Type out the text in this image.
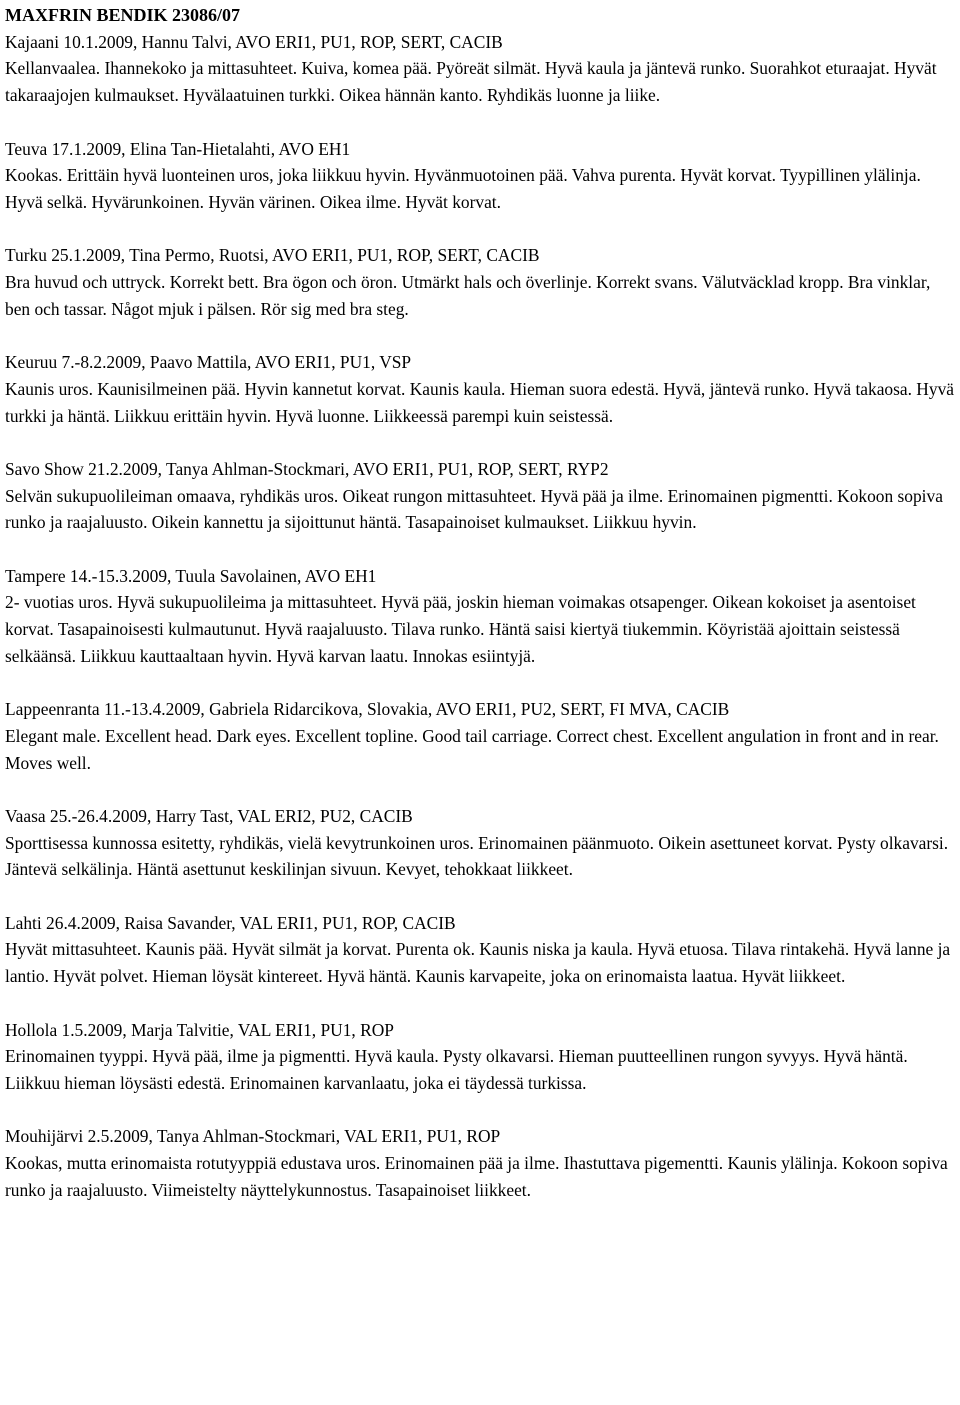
MAXFRIN BENDIK 23086/07

Kajaani 10.1.2009, Hannu Talvi, AVO ERI1, PU1, ROP, SERT, CACIB

Kellanvaalea. Ihannekoko ja mittasuhteet. Kuiva, komea pää. Pyöreät silmät. Hyvä kaula ja jäntevä runko. Suorahkot eturaajat. Hyvät takaraajojen kulmaukset. Hyvälaatuinen turkki. Oikea hännän kanto. Ryhdikäs luonne ja liike.

Teuva 17.1.2009, Elina Tan-Hietalahti, AVO EH1

Kookas. Erittäin hyvä luonteinen uros, joka liikkuu hyvin. Hyvänmuotoinen pää. Vahva purenta. Hyvät korvat. Tyypillinen ylälinja. Hyvä selkä. Hyvärunkoinen. Hyvän värinen. Oikea ilme. Hyvät korvat.

Turku 25.1.2009, Tina Permo, Ruotsi, AVO ERI1, PU1, ROP, SERT, CACIB

Bra huvud och uttryck. Korrekt bett. Bra ögon och öron. Utmärkt hals och överlinje. Korrekt svans. Välutväcklad kropp. Bra vinklar, ben och tassar. Något mjuk i pälsen. Rör sig med bra steg.

Keuruu 7.-8.2.2009, Paavo Mattila, AVO ERI1, PU1, VSP

Kaunis uros. Kaunisilmeinen pää. Hyvin kannetut korvat. Kaunis kaula. Hieman suora edestä. Hyvä, jäntevä runko. Hyvä takaosa. Hyvä turkki ja häntä. Liikkuu erittäin hyvin. Hyvä luonne. Liikkeessä parempi kuin seistessä.

Savo Show 21.2.2009, Tanya Ahlman-Stockmari, AVO ERI1, PU1, ROP, SERT, RYP2

Selvän sukupuolileiman omaava, ryhdikäs uros. Oikeat rungon mittasuhteet. Hyvä pää ja ilme. Erinomainen pigmentti. Kokoon sopiva runko ja raajaluusto. Oikein kannettu ja sijoittunut häntä. Tasapainoiset kulmaukset. Liikkuu hyvin.

Tampere 14.-15.3.2009, Tuula Savolainen, AVO EH1

2- vuotias uros. Hyvä sukupuolileima ja mittasuhteet. Hyvä pää, joskin hieman voimakas otsapenger. Oikean kokoiset ja asentoiset korvat. Tasapainoisesti kulmautunut. Hyvä raajaluusto. Tilava runko. Häntä saisi kiertyä tiukemmin. Köyristää ajoittain seistessä selkäänsä. Liikkuu kauttaaltaan hyvin. Hyvä karvan laatu. Innokas esiintyjä.

Lappeenranta 11.-13.4.2009, Gabriela Ridarcikova, Slovakia, AVO ERI1, PU2, SERT, FI MVA, CACIB

Elegant male. Excellent head. Dark eyes. Excellent topline. Good tail carriage. Correct chest. Excellent angulation in front and in rear. Moves well.

Vaasa 25.-26.4.2009, Harry Tast, VAL ERI2, PU2, CACIB

Sporttisessa kunnossa esitetty, ryhdikäs, vielä kevytrunkoinen uros. Erinomainen päänmuoto. Oikein asettuneet korvat. Pysty olkavarsi. Jäntevä selkälinja. Häntä asettunut keskilinjan sivuun. Kevyet, tehokkaat liikkeet.

Lahti 26.4.2009, Raisa Savander, VAL ERI1, PU1, ROP, CACIB

Hyvät mittasuhteet. Kaunis pää. Hyvät silmät ja korvat. Purenta ok. Kaunis niska ja kaula. Hyvä etuosa. Tilava rintakehä. Hyvä lanne ja lantio. Hyvät polvet. Hieman löysät kintereet. Hyvä häntä. Kaunis karvapeite, joka on erinomaista laatua. Hyvät liikkeet.

Hollola 1.5.2009, Marja Talvitie, VAL ERI1, PU1, ROP

Erinomainen tyyppi. Hyvä pää, ilme ja pigmentti. Hyvä kaula. Pysty olkavarsi. Hieman puutteellinen rungon syvyys. Hyvä häntä. Liikkuu hieman löysästi edestä. Erinomainen karvanlaatu, joka ei täydessä turkissa.

Mouhijärvi 2.5.2009, Tanya Ahlman-Stockmari, VAL ERI1, PU1, ROP

Kookas, mutta erinomaista rotutyyppiä edustava uros. Erinomainen pää ja ilme. Ihastuttava pigementti. Kaunis ylälinja. Kokoon sopiva runko ja raajaluusto. Viimeistelty näyttelykunnostus. Tasapainoiset liikkeet.
